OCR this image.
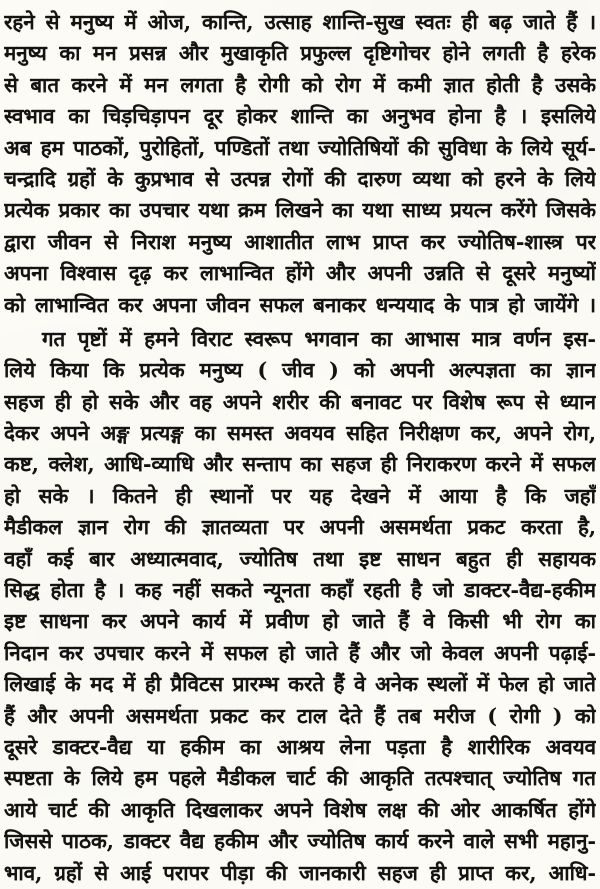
रहने से मनुष्य में ओज, कान्ति, उत्साह शान्ति-सुख स्वतः ही बढ़ जाते हैं ।
मनुष्य का मन प्रसन्न और मुखाकृति प्रफुल्ल दृष्टिगोचर होने लगती है हरेक
से बात करने में मन लगता है रोगी को रोग में कमी ज्ञात होती है उसके
स्वभाव का चिड़चिड़ापन दूर होकर शान्ति का अनुभव होना है । इसलिये
अब हम पाठकों, पुरोहितों, पण्डितों तथा ज्योतिषियों की सुविधा के लिये सूर्य-
चन्द्रादि ग्रहों के कुप्रभाव से उत्पन्न रोगों की दारुण व्यथा को हरने के लिये
प्रत्येक प्रकार का उपचार यथा क्रम लिखने का यथा साध्य प्रयत्न करेंगे जिसके
द्वारा जीवन से निराश मनुष्य आशातीत लाभ प्राप्त कर ज्योतिष-शास्त्र पर
अपना विश्वास दृढ़ कर लाभान्वित होंगे और अपनी उन्नति से दूसरे मनुष्यों
को लाभान्वित कर अपना जीवन सफल बनाकर धन्ययाद के पात्र हो जायेंगे ।
गत पृष्टों में हमने विराट स्वरूप भगवान का आभास मात्र वर्णन इस-
लिये किया कि प्रत्येक मनुष्य ( जीव ) को अपनी अल्पज्ञता का ज्ञान
सहज ही हो सके और वह अपने शरीर की बनावट पर विशेष रूप से ध्यान
देकर अपने अङ्ग प्रत्यङ्ग का समस्त अवयव सहित निरीक्षण कर, अपने रोग,
कष्ट, क्लेश, आधि-व्याधि और सन्ताप का सहज ही निराकरण करने में सफल
हो सके । कितने ही स्थानों पर यह देखने में आया है कि जहाँ
मैडीकल ज्ञान रोग की ज्ञातव्यता पर अपनी असमर्थता प्रकट करता है,
वहाँ कई बार अध्यात्मवाद, ज्योतिष तथा इष्ट साधन बहुत ही सहायक
सिद्ध होता है । कह नहीं सकते न्यूनता कहाँ रहती है जो डाक्टर-वैद्य-हकीम
इष्ट साधना कर अपने कार्य में प्रवीण हो जाते हैं वे किसी भी रोग का
निदान कर उपचार करने में सफल हो जाते हैं और जो केवल अपनी पढ़ाई-
लिखाई के मद में ही प्रैविटस प्रारम्भ करते हैं वे अनेक स्थलों में फेल हो जाते
हैं और अपनी असमर्थता प्रकट कर टाल देते हैं तब मरीज ( रोगी ) को
दूसरे डाक्टर-वैद्य या हकीम का आश्रय लेना पड़ता है शारीरिक अवयव
स्पष्टता के लिये हम पहले मैडीकल चार्ट की आकृति तत्पश्चात् ज्योतिष गत
आये चार्ट की आकृति दिखलाकर अपने विशेष लक्ष की ओर आकर्षित होंगे
जिससे पाठक, डाक्टर वैद्य हकीम और ज्योतिष कार्य करने वाले सभी महानु-
भाव, ग्रहों से आई परापर पीड़ा की जानकारी सहज ही प्राप्त कर, आधि-
